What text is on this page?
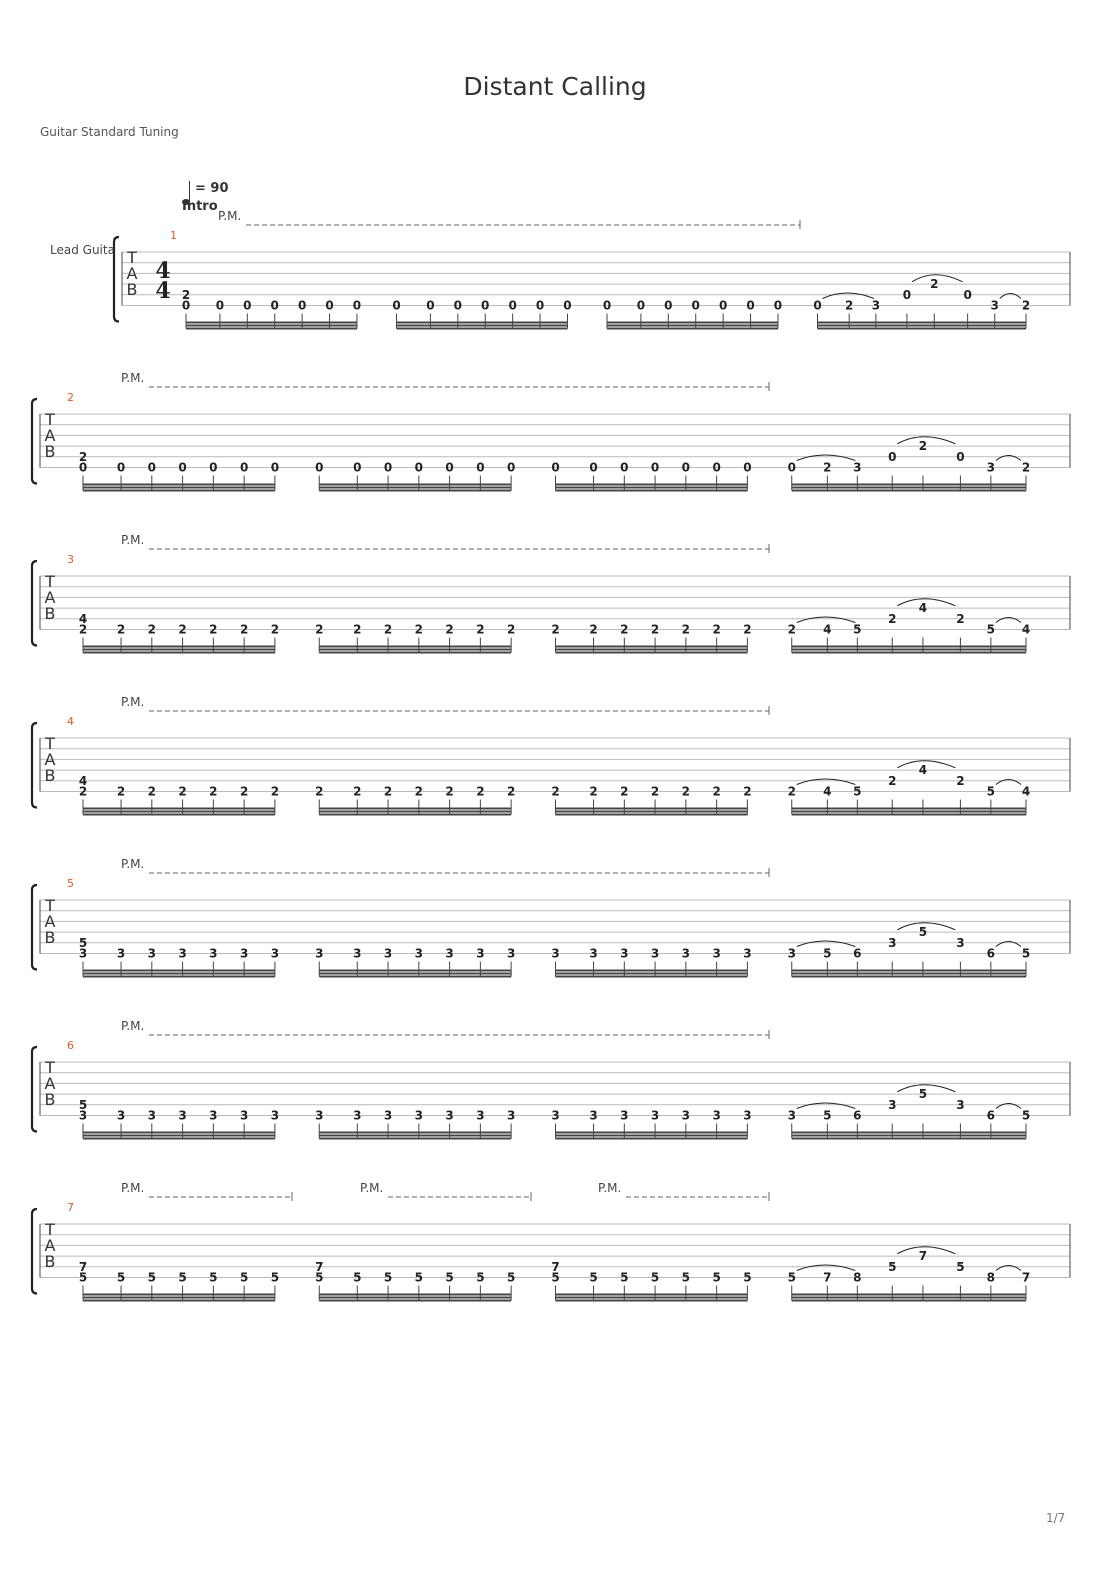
Distant Calling
Guitar Standard Tuning
= 90
Intro
Lead Guita T
A
B
1
4
4
0
2
0 0 0 0 0 0	0 0 0 0 0 0 0	0 0 0 0 0 0 0	0 2 3
0
2
0
3 2
P.M.
T
A
B
2
0
2
0 0 0 0 0 0	0 0 0 0 0 0 0	0 0 0 0 0 0 0	0 2 3
0
2
0
3 2
P.M.
T
A
B
3
2
4
2 2 2 2 2 2	2 2 2 2 2 2 2	2 2 2 2 2 2 2	2 4 5
2
4
2
5 4
P.M.
T
A
B
4
2
4
2 2 2 2 2 2	2 2 2 2 2 2 2	2 2 2 2 2 2 2	2 4 5
2
4
2
5 4
P.M.
T
A
B
5
3
5
3 3 3 3 3 3	3 3 3 3 3 3 3	3 3 3 3 3 3 3	3 5 6
3
5
3
6 5
P.M.
T
A
B
6
3
5
3 3 3 3 3 3	3 3 3 3 3 3 3	3 3 3 3 3 3 3	3 5 6
3
5
3
6 5
P.M.
T
A
B
7
5
7
5 5 5 5 5 5	5
7
5 5 5 5 5 5	5
7
5 5 5 5 5 5	5 7 8
5
7
5
8 7
P.M.	P.M.	P.M.
1/7
